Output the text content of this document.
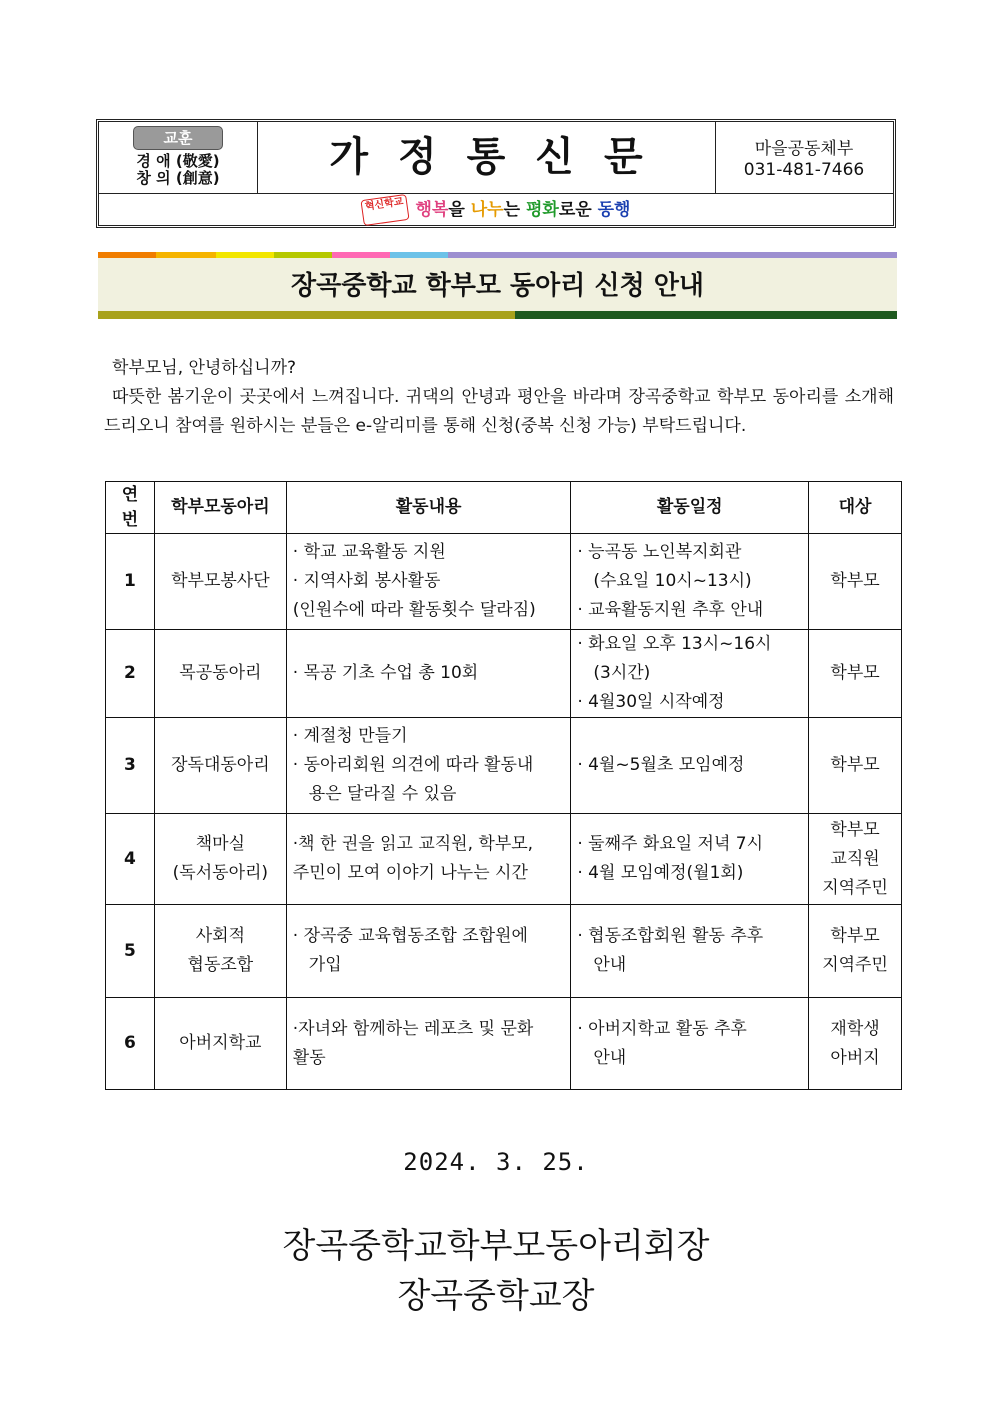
교훈
경 애 (敬愛)
창 의 (創意)	가정통신문	마을공동체부
031-481-7466
혁신학교 행복을 나누는 평화로운 동행
장곡중학교 학부모 동아리 신청 안내

학부모님, 안녕하십니까?

따뜻한 봄기운이 곳곳에서 느껴집니다. 귀댁의 안녕과 평안을 바라며 장곡중학교 학부모 동아리를 소개해드리오니 참여를 원하시는 분들은 e-알리미를 통해 신청(중복 신청 가능) 부탁드립니다.

연번	학부모동아리	활동내용	활동일정	대상
1	학부모봉사단	· 학교 교육활동 지원
· 지역사회 봉사활동
(인원수에 따라 활동횟수 달라짐)	· 능곡동 노인복지회관
(수요일 10시~13시)
· 교육활동지원 추후 안내	학부모

2	목공동아리	· 목공 기초 수업 총 10회	· 화요일 오후 13시~16시
(3시간)
· 4월30일 시작예정	학부모

3	장독대동아리	· 계절청 만들기
· 동아리회원 의견에 따라 활동내
용은 달라질 수 있음	· 4월~5월초 모임예정	학부모

4	책마실
(독서동아리)	·책 한 권을 읽고 교직원, 학부모,
주민이 모여 이야기 나누는 시간	· 둘째주 화요일 저녁 7시
· 4월 모임예정(월1회)	학부모
교직원
지역주민

5	사회적
협동조합	· 장곡중 교육협동조합 조합원에
가입	· 협동조합회원 활동 추후
안내	학부모
지역주민

6	아버지학교	·자녀와 함께하는 레포츠 및 문화
활동	· 아버지학교 활동 추후
안내	재학생
아버지
2024. 3. 25.
장곡중학교학부모동아리회장
장곡중학교장
